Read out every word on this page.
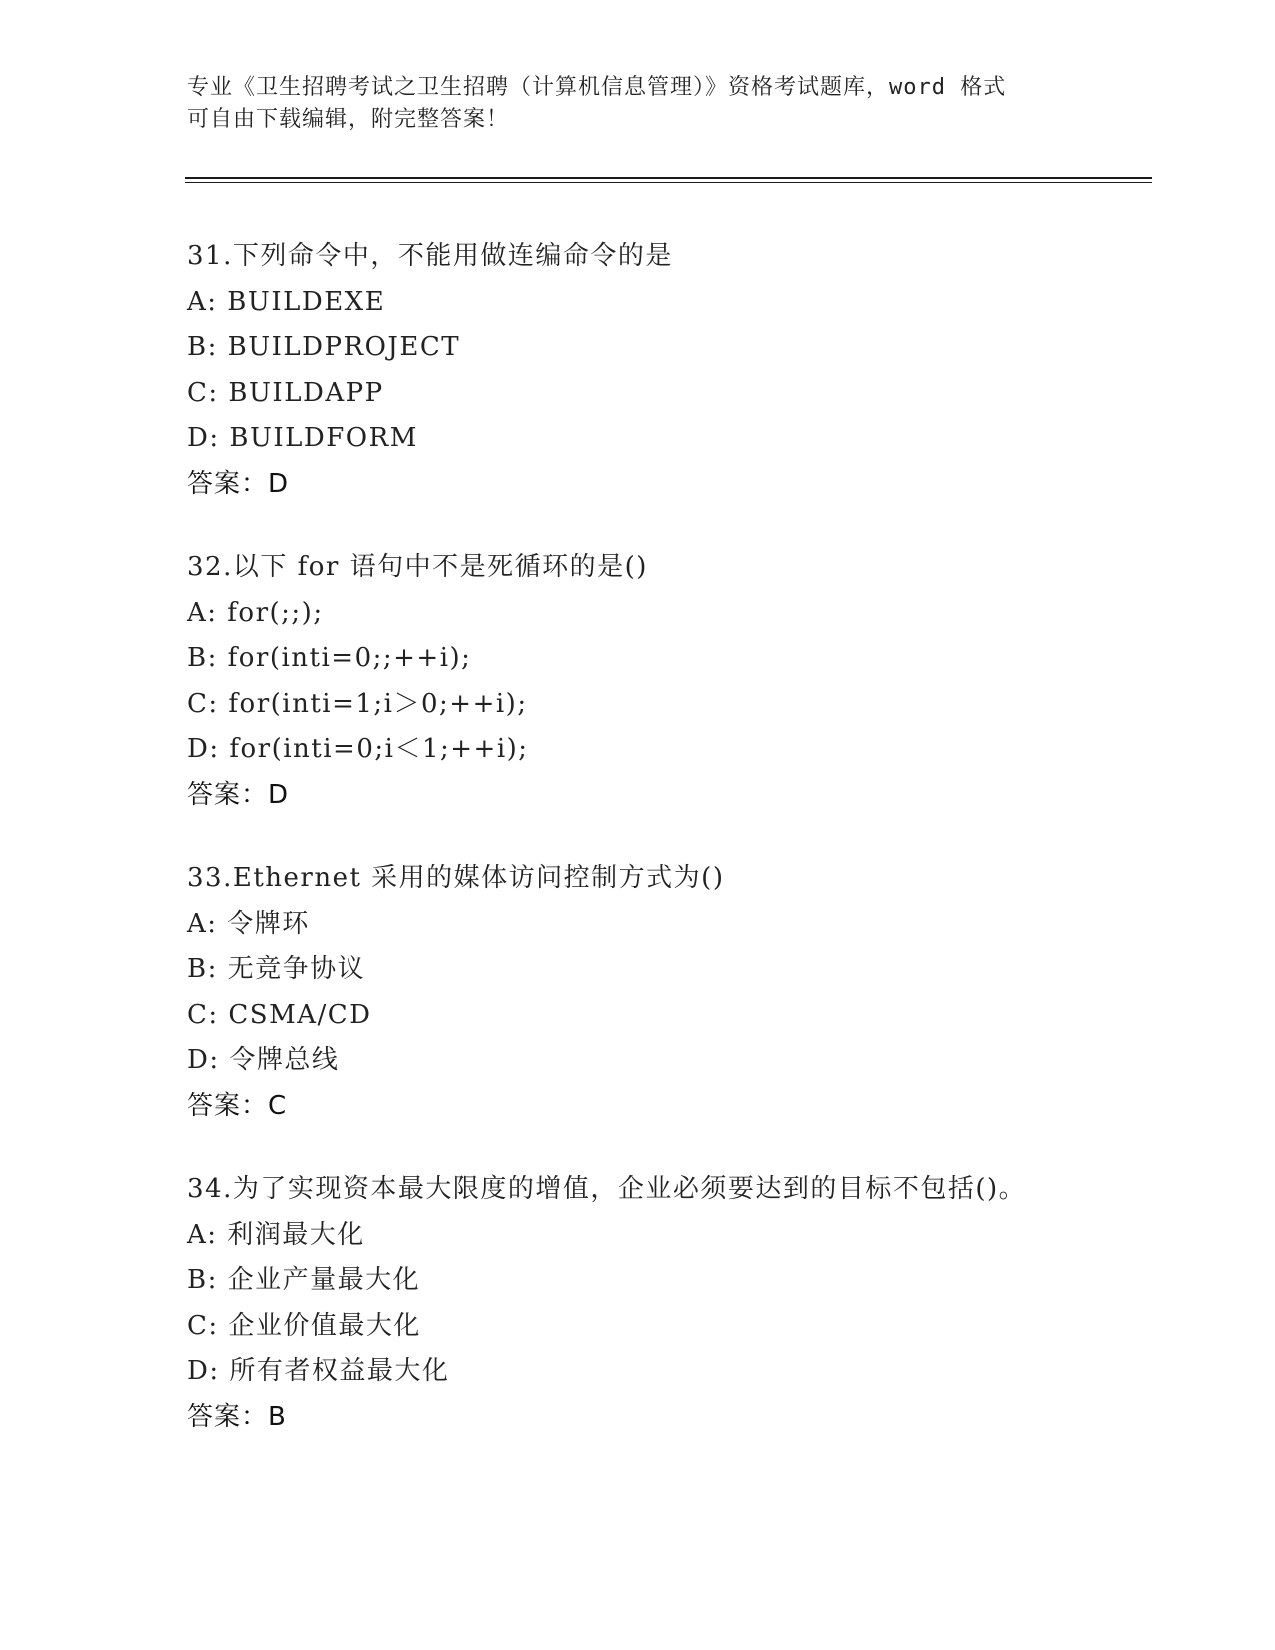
专业《卫生招聘考试之卫生招聘（计算机信息管理）》资格考试题库，word 格式
可自由下载编辑，附完整答案！
31.下列命令中，不能用做连编命令的是
A: BUILDEXE
B: BUILDPROJECT
C: BUILDAPP
D: BUILDFORM
答案：D
32.以下 for 语句中不是死循环的是()
A: for(;;);
B: for(inti=0;;++i);
C: for(inti=1;i＞0;++i);
D: for(inti=0;i＜1;++i);
答案：D
33.Ethernet 采用的媒体访问控制方式为()
A: 令牌环
B: 无竞争协议
C: CSMA/CD
D: 令牌总线
答案：C
34.为了实现资本最大限度的增值，企业必须要达到的目标不包括()。
A: 利润最大化
B: 企业产量最大化
C: 企业价值最大化
D: 所有者权益最大化
答案：B
